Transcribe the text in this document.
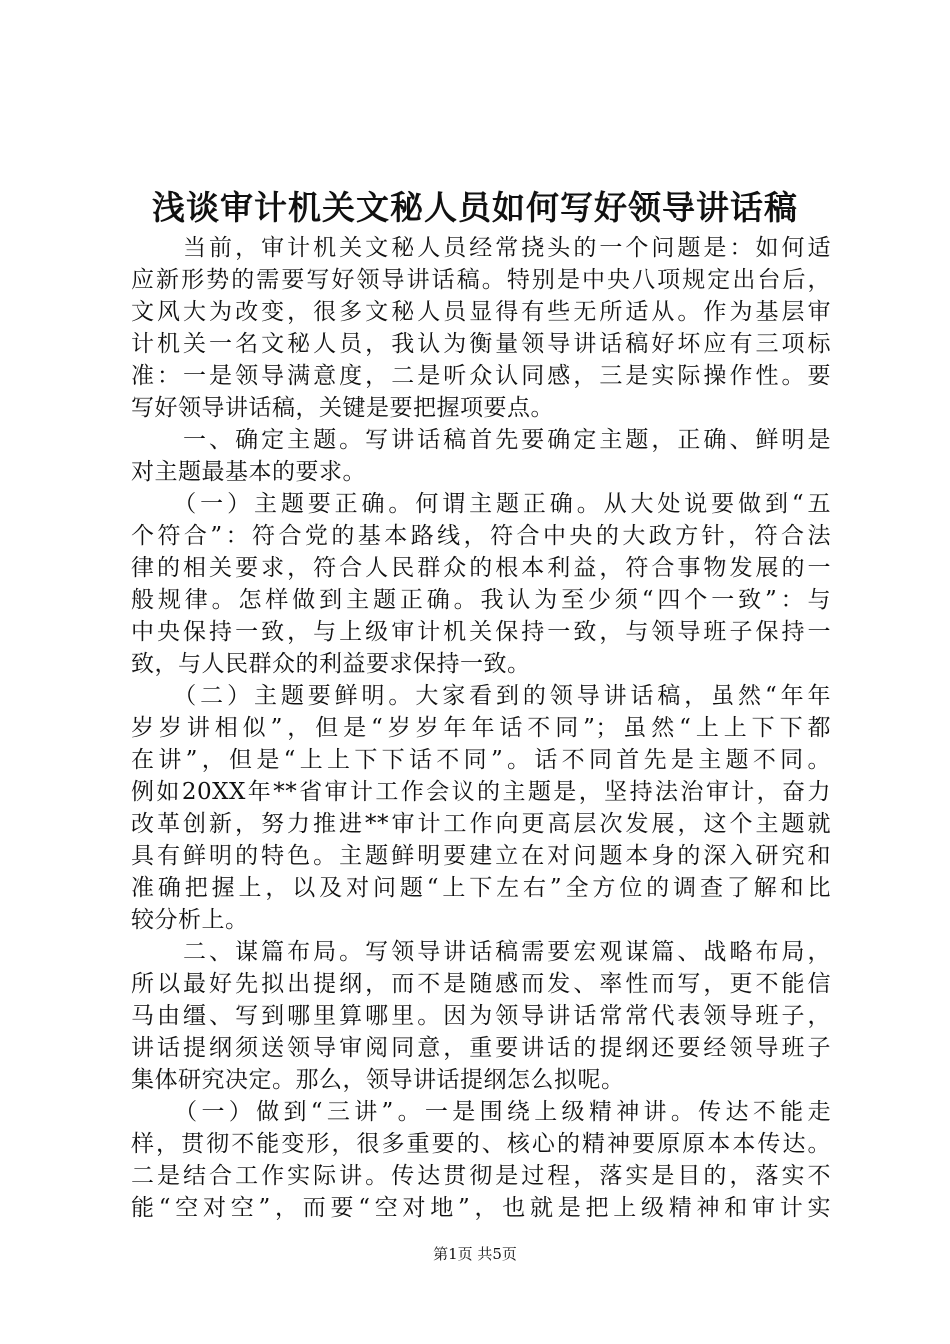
浅谈审计机关文秘人员如何写好领导讲话稿
　　当前，审计机关文秘人员经常挠头的一个问题是：如何适
应新形势的需要写好领导讲话稿。特别是中央八项规定出台后，
文风大为改变，很多文秘人员显得有些无所适从。作为基层审
计机关一名文秘人员，我认为衡量领导讲话稿好坏应有三项标
准：一是领导满意度，二是听众认同感，三是实际操作性。要
写好领导讲话稿，关键是要把握项要点。
　　一、确定主题。写讲话稿首先要确定主题，正确、鲜明是
对主题最基本的要求。
　　（一）主题要正确。何谓主题正确。从大处说要做到“五
个符合”：符合党的基本路线，符合中央的大政方针，符合法
律的相关要求，符合人民群众的根本利益，符合事物发展的一
般规律。怎样做到主题正确。我认为至少须“四个一致”：与
中央保持一致，与上级审计机关保持一致，与领导班子保持一
致，与人民群众的利益要求保持一致。
　　（二）主题要鲜明。大家看到的领导讲话稿，虽然“年年
岁岁讲相似”，但是“岁岁年年话不同”；虽然“上上下下都
在讲”，但是“上上下下话不同”。话不同首先是主题不同。
例如20XX年**省审计工作会议的主题是，坚持法治审计，奋力
改革创新，努力推进**审计工作向更高层次发展，这个主题就
具有鲜明的特色。主题鲜明要建立在对问题本身的深入研究和
准确把握上，以及对问题“上下左右”全方位的调查了解和比
较分析上。
　　二、谋篇布局。写领导讲话稿需要宏观谋篇、战略布局，
所以最好先拟出提纲，而不是随感而发、率性而写，更不能信
马由缰、写到哪里算哪里。因为领导讲话常常代表领导班子，
讲话提纲须送领导审阅同意，重要讲话的提纲还要经领导班子
集体研究决定。那么，领导讲话提纲怎么拟呢。
　　（一）做到“三讲”。一是围绕上级精神讲。传达不能走
样，贯彻不能变形，很多重要的、核心的精神要原原本本传达。
二是结合工作实际讲。传达贯彻是过程，落实是目的，落实不
能“空对空”，而要“空对地”，也就是把上级精神和审计实
第1页 共5页
